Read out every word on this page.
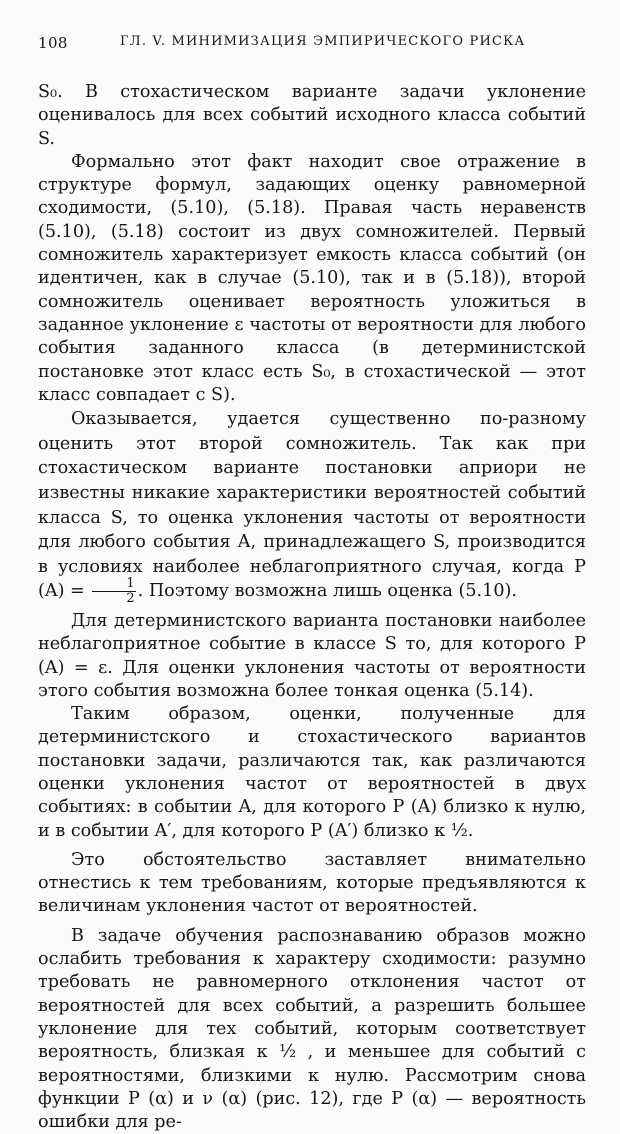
108	ГЛ. V. МИНИМИЗАЦИЯ ЭМПИРИЧЕСКОГО РИСКА

S₀. В стохастическом варианте задачи уклонение оценивалось для всех событий исходного класса событий S.

Формально этот факт находит свое отражение в структуре формул, задающих оценку равномерной сходимости, (5.10), (5.18). Правая часть неравенств (5.10), (5.18) состоит из двух сомножителей. Первый сомножитель характеризует емкость класса событий (он идентичен, как в случае (5.10), так и в (5.18)), второй сомножитель оценивает вероятность уложиться в заданное уклонение ε частоты от вероятности для любого события заданного класса (в детерминистской постановке этот класс есть S₀, в стохастической — этот класс совпадает с S).

Оказывается, удается существенно по-разному оценить этот второй сомножитель. Так как при стохастическом варианте постановки априори не известны никакие характеристики вероятностей событий класса S, то оценка уклонения частоты от вероятности для любого события A, принадлежащего S, производится в условиях наиболее неблагоприятного случая, когда P $(A) = \frac{1}{2}$ . Поэтому возможна лишь оценка (5.10).

Для детерминистского варианта постановки наиболее неблагоприятное событие в классе S то, для которого P (A) = ε. Для оценки уклонения частоты от вероятности этого события возможна более тонкая оценка (5.14).

Таким образом, оценки, полученные для детерминистского и стохастического вариантов постановки задачи, различаются так, как различаются оценки уклонения частот от вероятностей в двух событиях: в событии A, для которого P (A) близко к нулю, и в событии A′, для которого P (A′) близко к ½.

Это обстоятельство заставляет внимательно отнестись к тем требованиям, которые предъявляются к величинам уклонения частот от вероятностей.

В задаче обучения распознаванию образов можно ослабить требования к характеру сходимости: разумно требовать не равномерного отклонения частот от вероятностей для всех событий, а разрешить большее уклонение для тех событий, которым соответствует вероятность, близкая к ½ , и меньшее для событий с вероятностями, близкими к нулю. Рассмотрим снова функции P (α) и ν (α) (рис. 12), где P (α) — вероятность ошибки для ре-
